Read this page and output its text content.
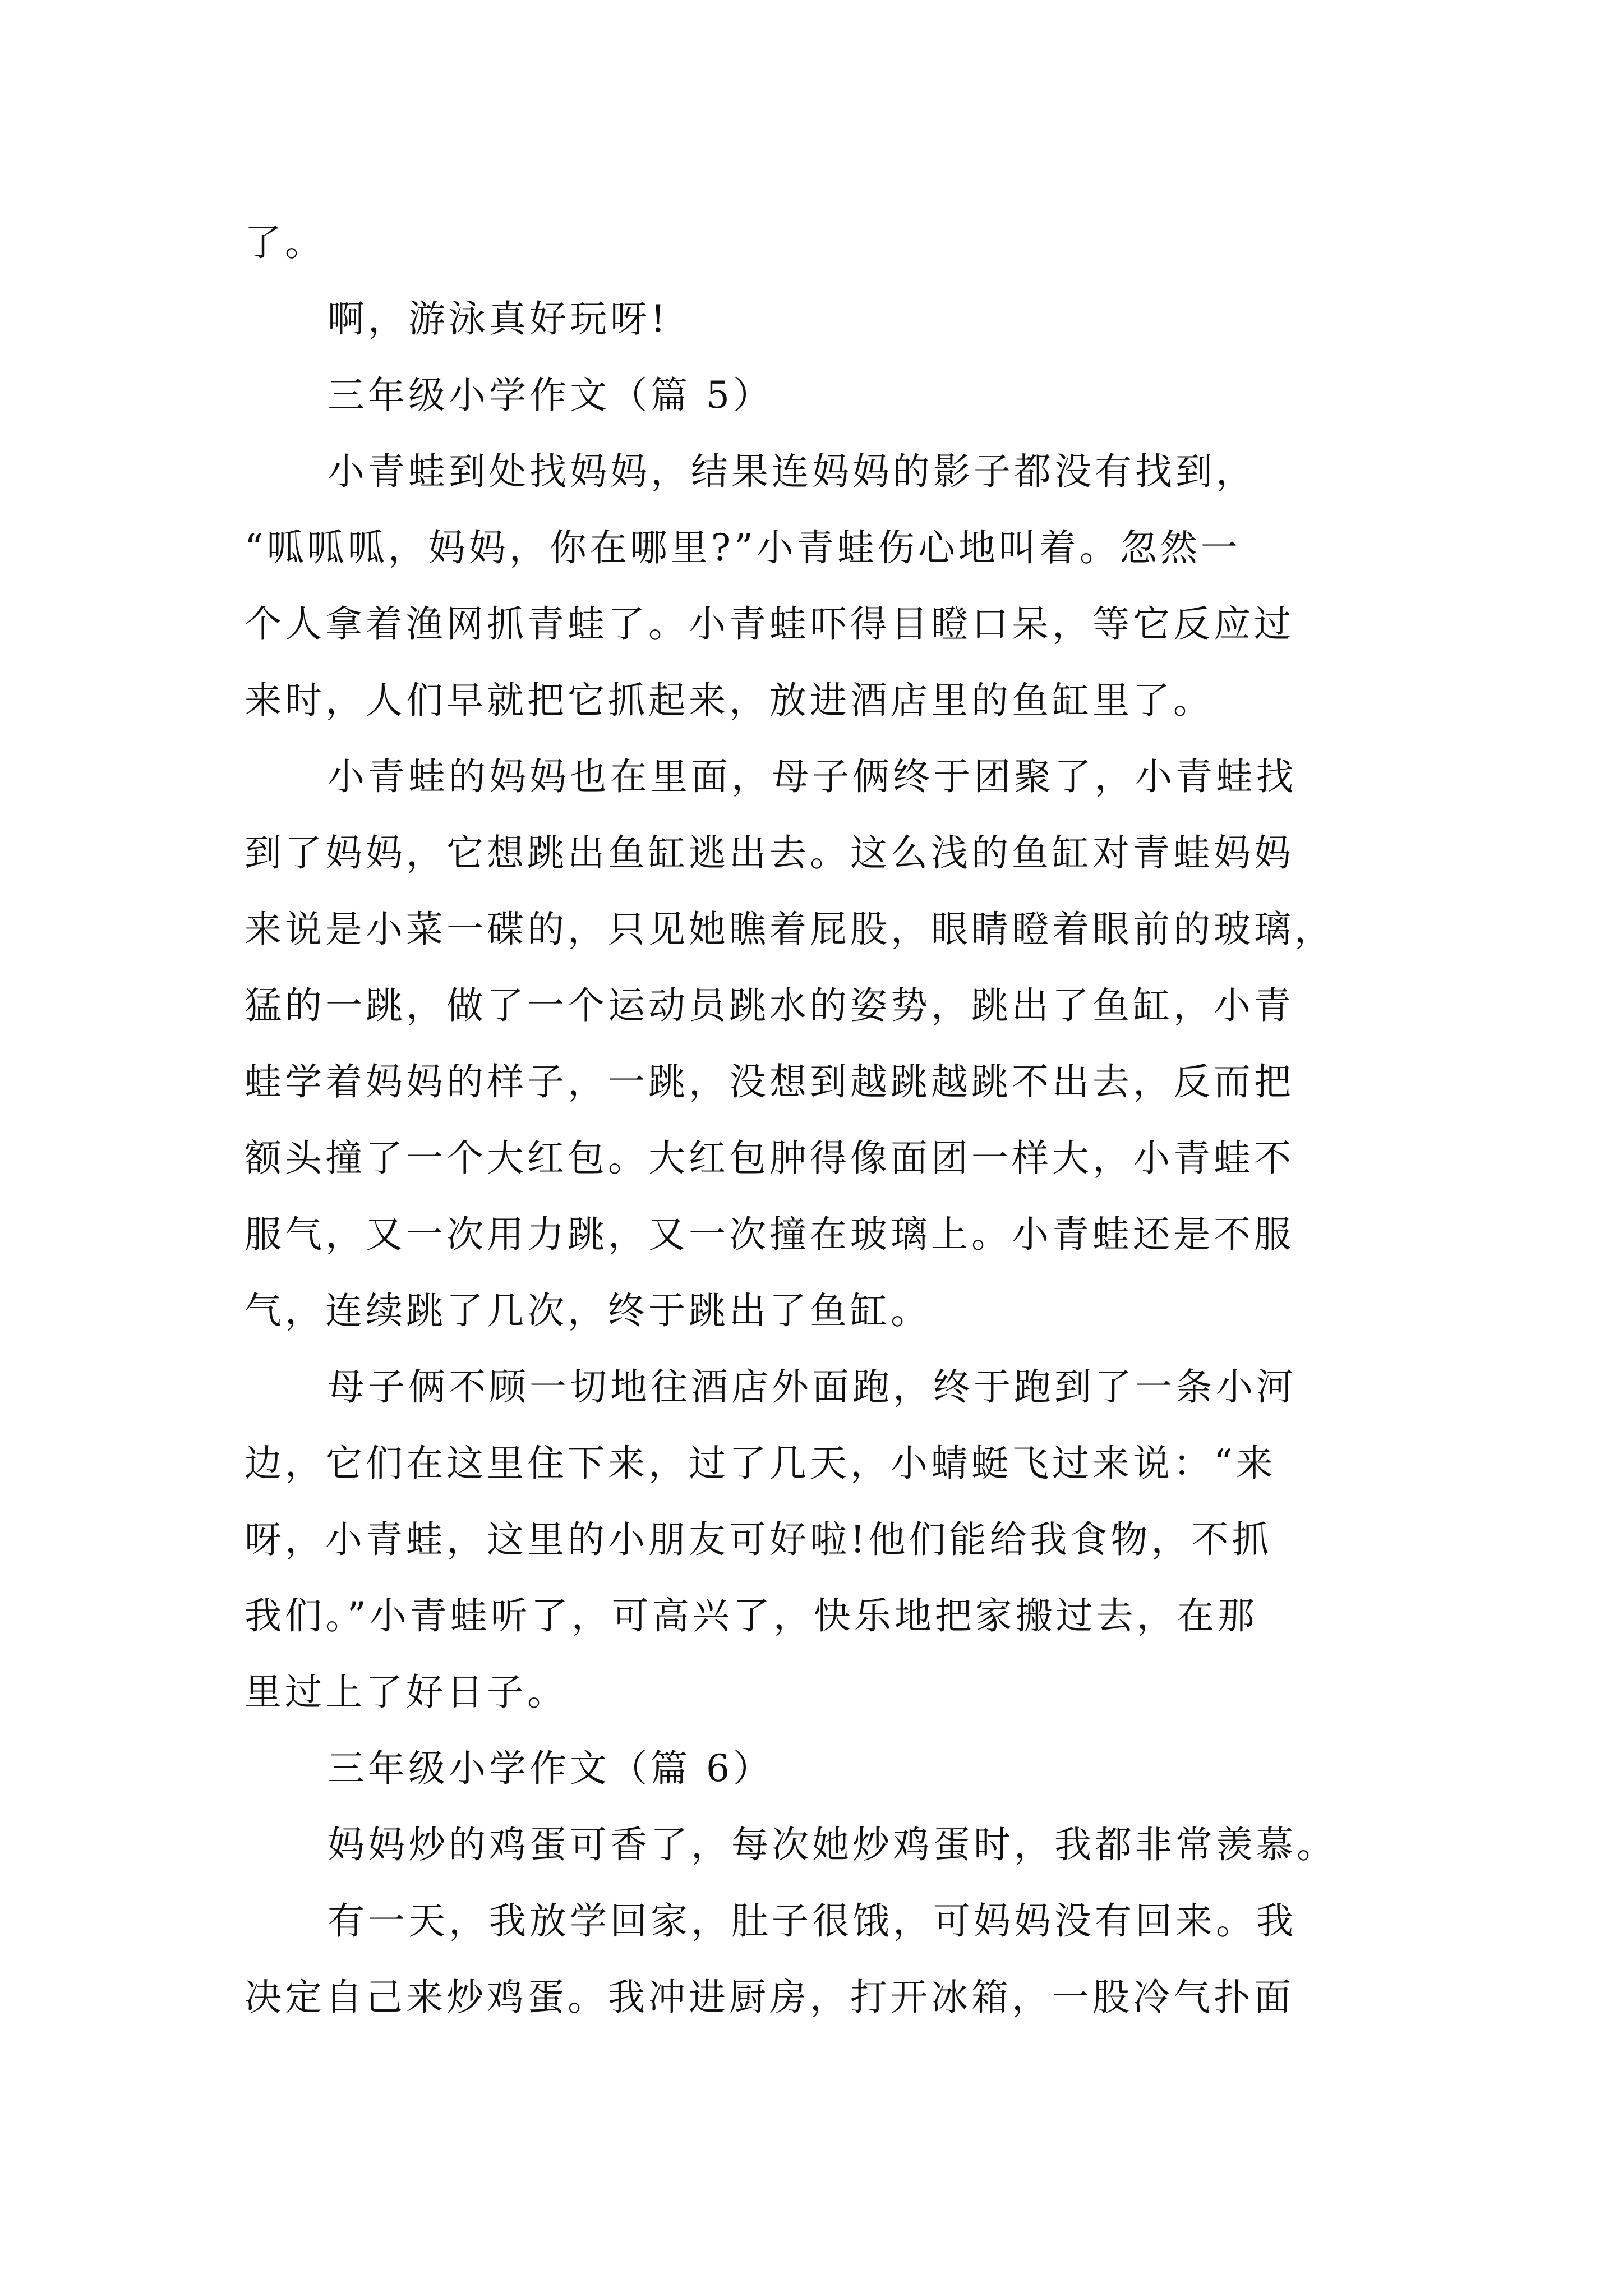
了。
啊，游泳真好玩呀!
三年级小学作文（篇 5）
小青蛙到处找妈妈，结果连妈妈的影子都没有找到，
“呱呱呱，妈妈，你在哪里?”小青蛙伤心地叫着。忽然一
个人拿着渔网抓青蛙了。小青蛙吓得目瞪口呆，等它反应过
来时，人们早就把它抓起来，放进酒店里的鱼缸里了。
小青蛙的妈妈也在里面，母子俩终于团聚了，小青蛙找
到了妈妈，它想跳出鱼缸逃出去。这么浅的鱼缸对青蛙妈妈
来说是小菜一碟的，只见她瞧着屁股，眼睛瞪着眼前的玻璃，
猛的一跳，做了一个运动员跳水的姿势，跳出了鱼缸，小青
蛙学着妈妈的样子，一跳，没想到越跳越跳不出去，反而把
额头撞了一个大红包。大红包肿得像面团一样大，小青蛙不
服气，又一次用力跳，又一次撞在玻璃上。小青蛙还是不服
气，连续跳了几次，终于跳出了鱼缸。
母子俩不顾一切地往酒店外面跑，终于跑到了一条小河
边，它们在这里住下来，过了几天，小蜻蜓飞过来说：“来
呀，小青蛙，这里的小朋友可好啦!他们能给我食物，不抓
我们。”小青蛙听了，可高兴了，快乐地把家搬过去，在那
里过上了好日子。
三年级小学作文（篇 6）
妈妈炒的鸡蛋可香了，每次她炒鸡蛋时，我都非常羡慕。
有一天，我放学回家，肚子很饿，可妈妈没有回来。我
决定自己来炒鸡蛋。我冲进厨房，打开冰箱，一股冷气扑面
